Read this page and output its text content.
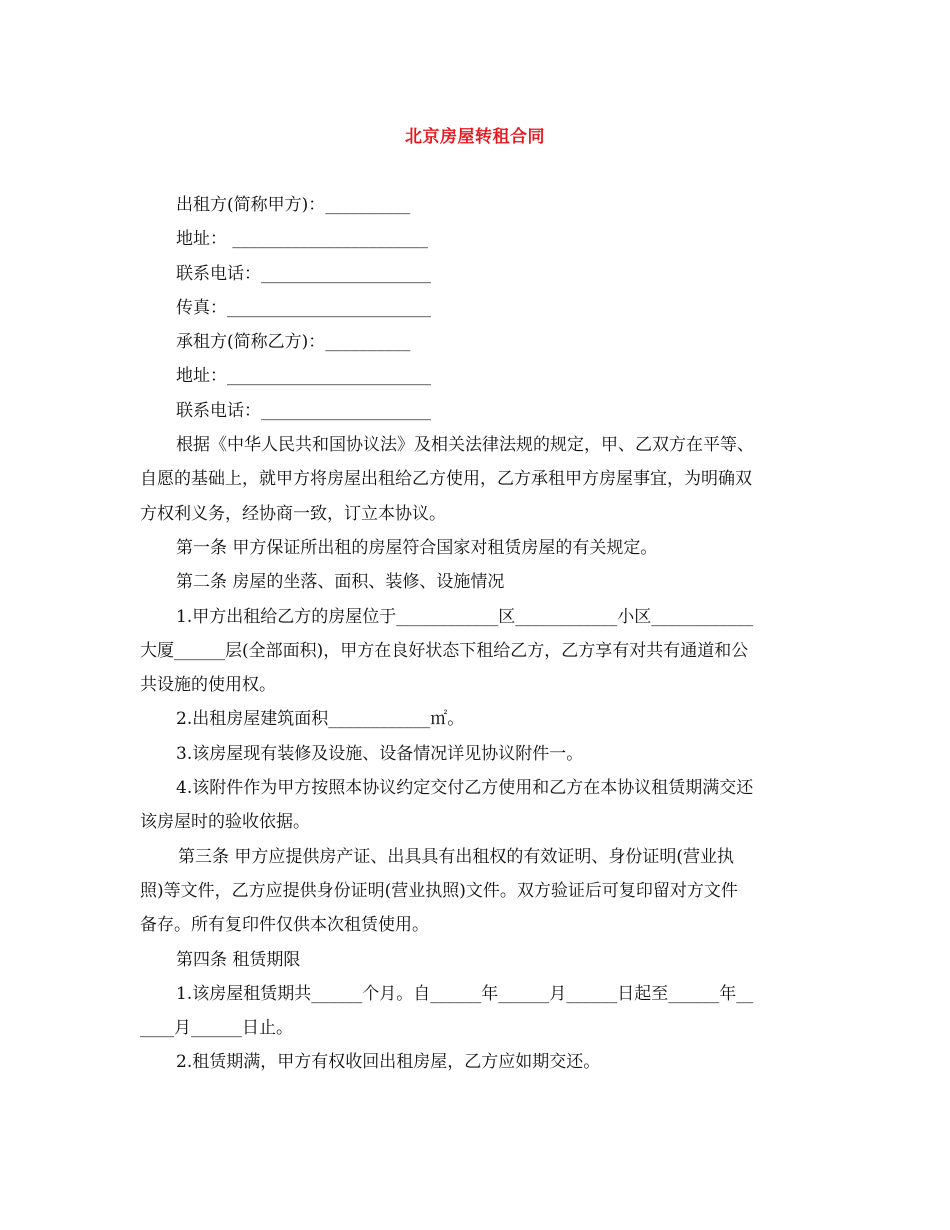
北京房屋转租合同
出租方(简称甲方)：__________
地址： _______________________
联系电话：____________________
传真：________________________
承租方(简称乙方)：__________
地址：________________________
联系电话：____________________
根据《中华人民共和国协议法》及相关法律法规的规定，甲、乙双方在平等、
自愿的基础上，就甲方将房屋出租给乙方使用，乙方承租甲方房屋事宜，为明确双
方权利义务，经协商一致，订立本协议。
第一条 甲方保证所出租的房屋符合国家对租赁房屋的有关规定。
第二条 房屋的坐落、面积、装修、设施情况
1.甲方出租给乙方的房屋位于____________区____________小区____________
大厦______层(全部面积)，甲方在良好状态下租给乙方，乙方享有对共有通道和公
共设施的使用权。
2.出租房屋建筑面积____________㎡。
3.该房屋现有装修及设施、设备情况详见协议附件一。
4.该附件作为甲方按照本协议约定交付乙方使用和乙方在本协议租赁期满交还
该房屋时的验收依据。
第三条 甲方应提供房产证、出具具有出租权的有效证明、身份证明(营业执
照)等文件，乙方应提供身份证明(营业执照)文件。双方验证后可复印留对方文件
备存。所有复印件仅供本次租赁使用。
第四条 租赁期限
1.该房屋租赁期共______个月。自______年______月______日起至______年__
____月______日止。
2.租赁期满，甲方有权收回出租房屋，乙方应如期交还。
